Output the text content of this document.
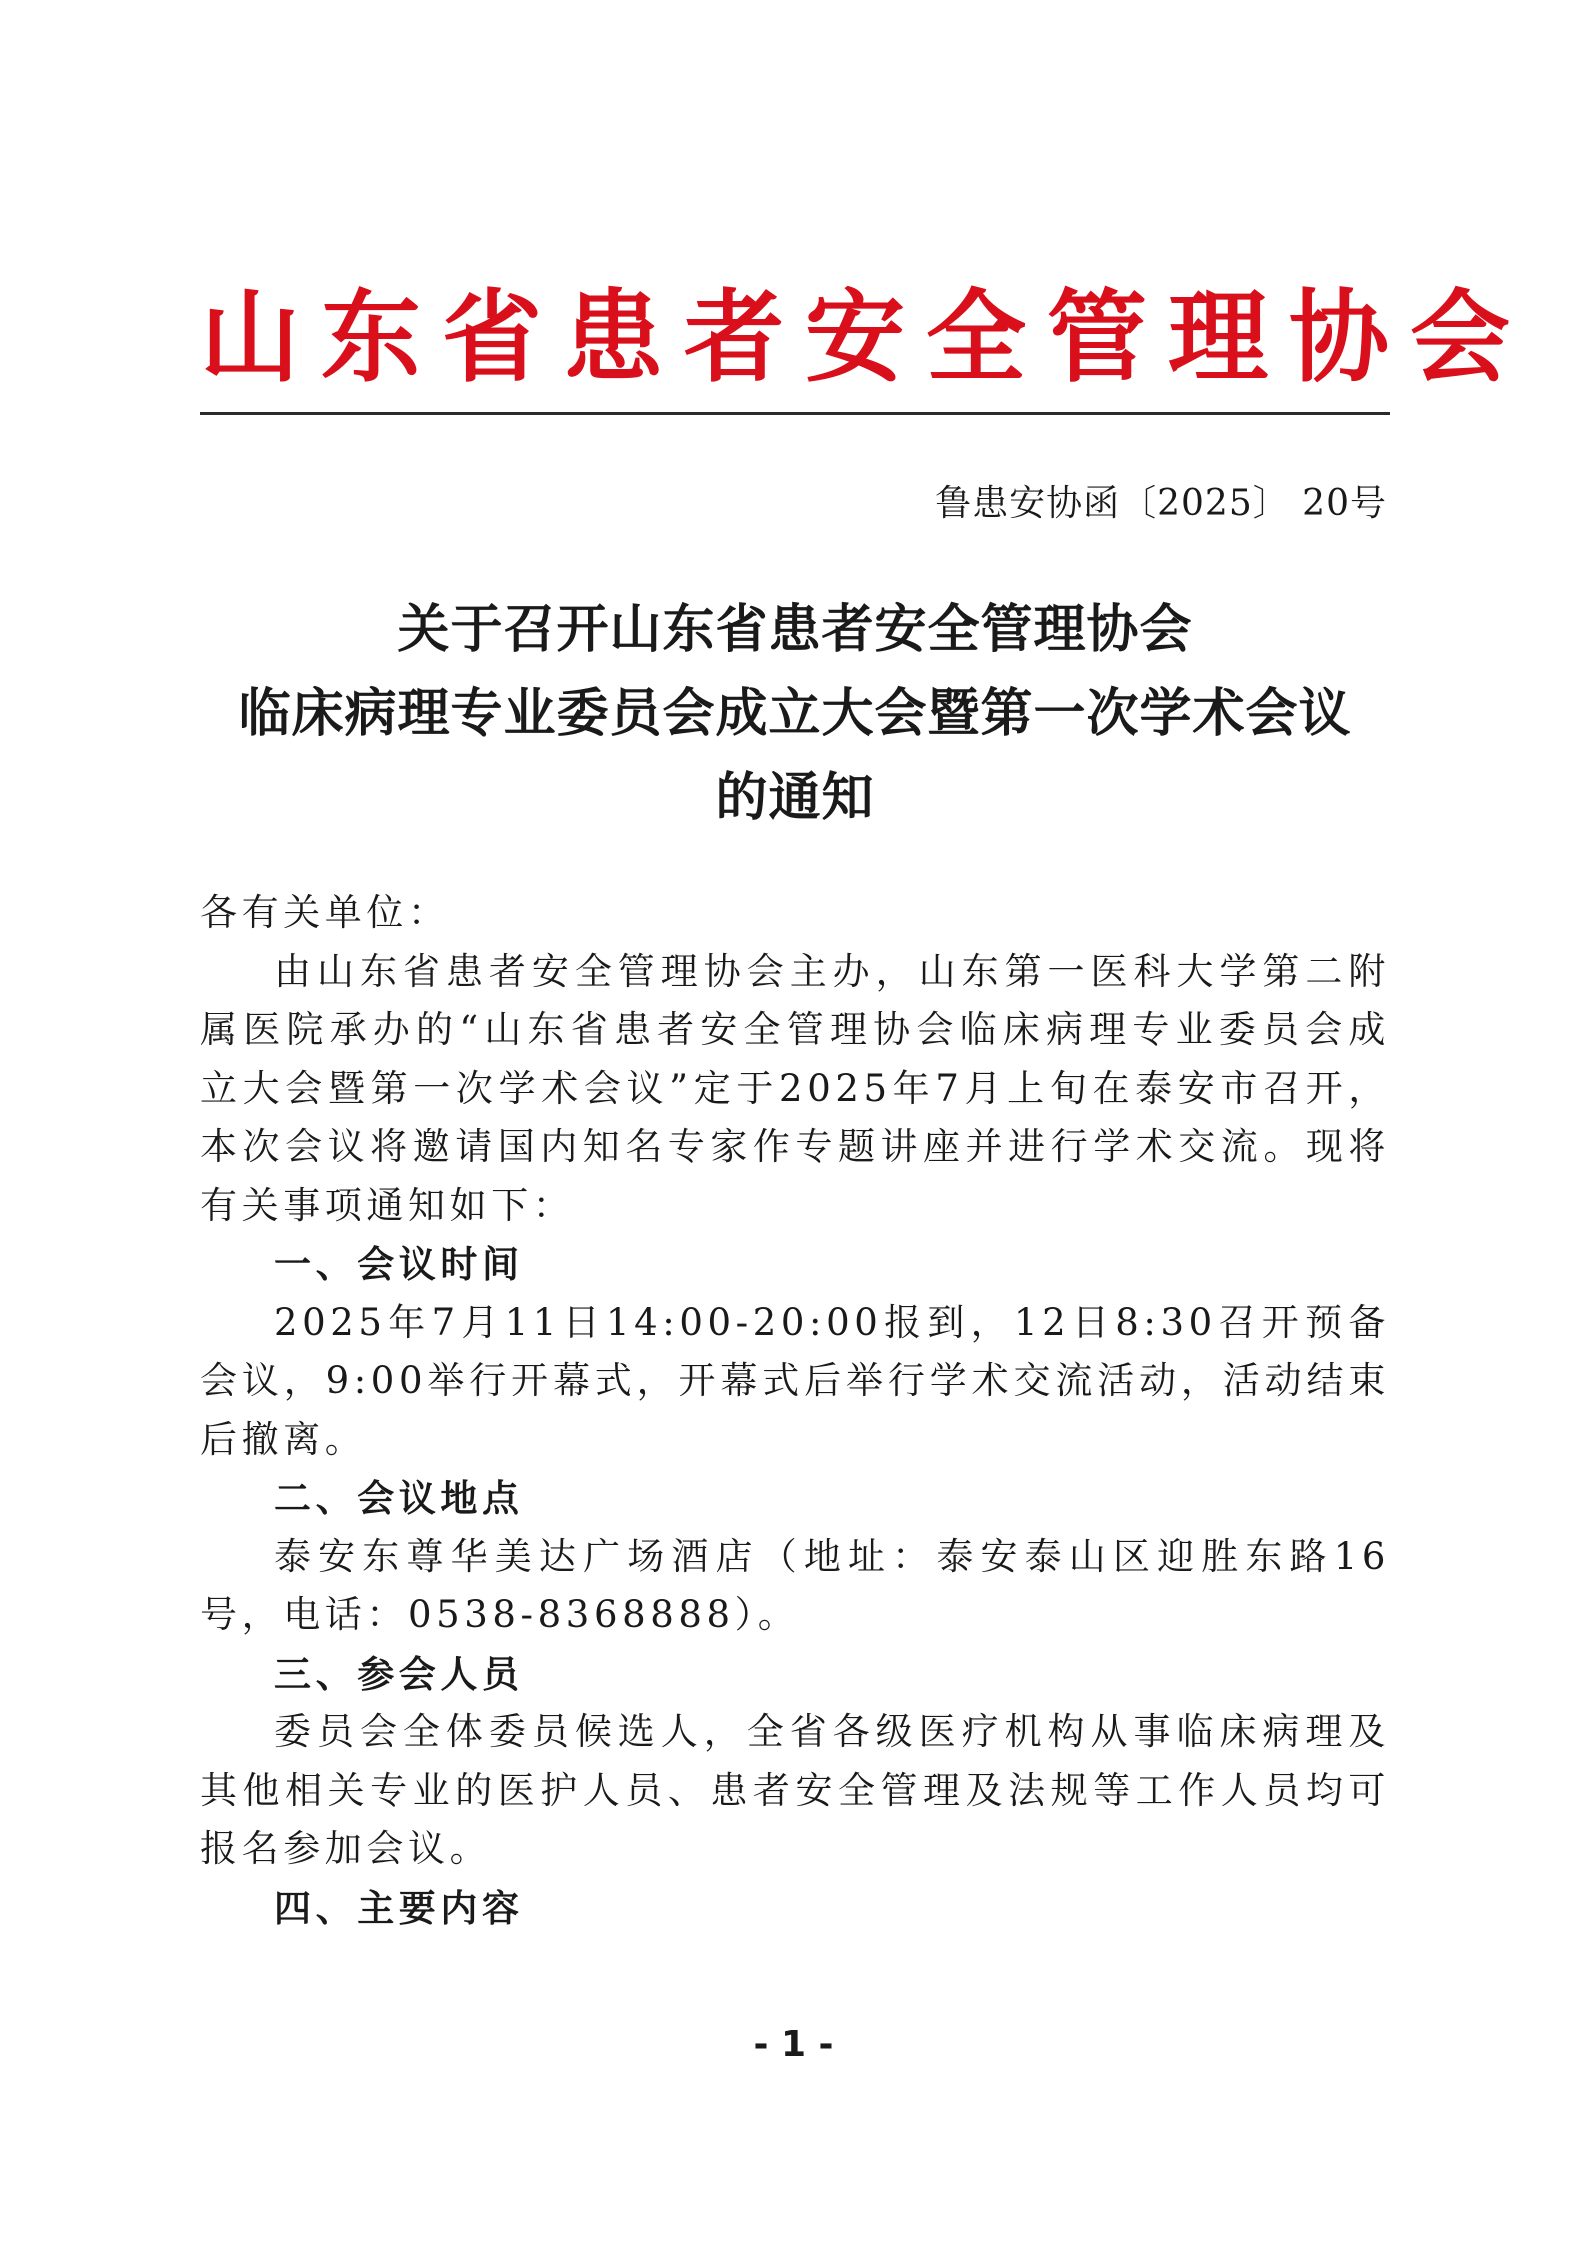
山东省患者安全管理协会
鲁患安协函〔2025〕 20号
关于召开山东省患者安全管理协会
临床病理专业委员会成立大会暨第一次学术会议
的通知

各有关单位：

由山东省患者安全管理协会主办，山东第一医科大学第二附
属医院承办的“山东省患者安全管理协会临床病理专业委员会成
立大会暨第一次学术会议”定于2025年7月上旬在泰安市召开，
本次会议将邀请国内知名专家作专题讲座并进行学术交流。现将
有关事项通知如下：

一、会议时间

2025年7月11日14:00-20:00报到，12日8:30召开预备
会议，9:00举行开幕式，开幕式后举行学术交流活动，活动结束
后撤离。

二、会议地点

泰安东尊华美达广场酒店（地址：泰安泰山区迎胜东路16
号，电话：0538-8368888）。

三、参会人员

委员会全体委员候选人，全省各级医疗机构从事临床病理及
其他相关专业的医护人员、患者安全管理及法规等工作人员均可
报名参加会议。

四、主要内容

- 1 -
